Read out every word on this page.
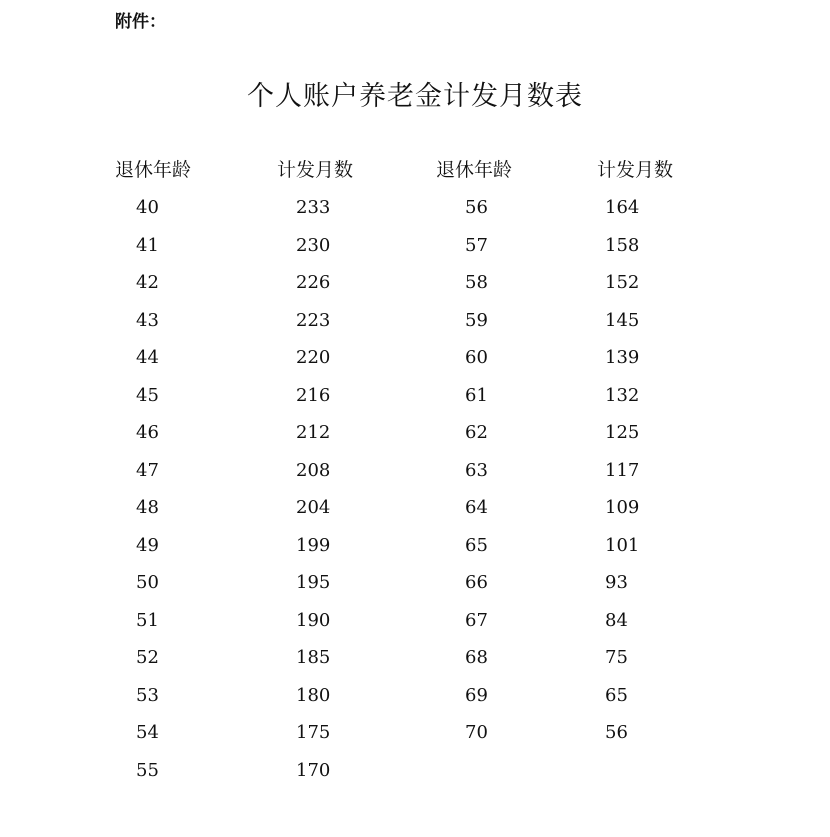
附件：
个人账户养老金计发月数表
退休年龄	计发月数	退休年龄	计发月数
40	233	56	164
41	230	57	158
42	226	58	152
43	223	59	145
44	220	60	139
45	216	61	132
46	212	62	125
47	208	63	117
48	204	64	109
49	199	65	101
50	195	66	93
51	190	67	84
52	185	68	75
53	180	69	65
54	175	70	56
55	170
